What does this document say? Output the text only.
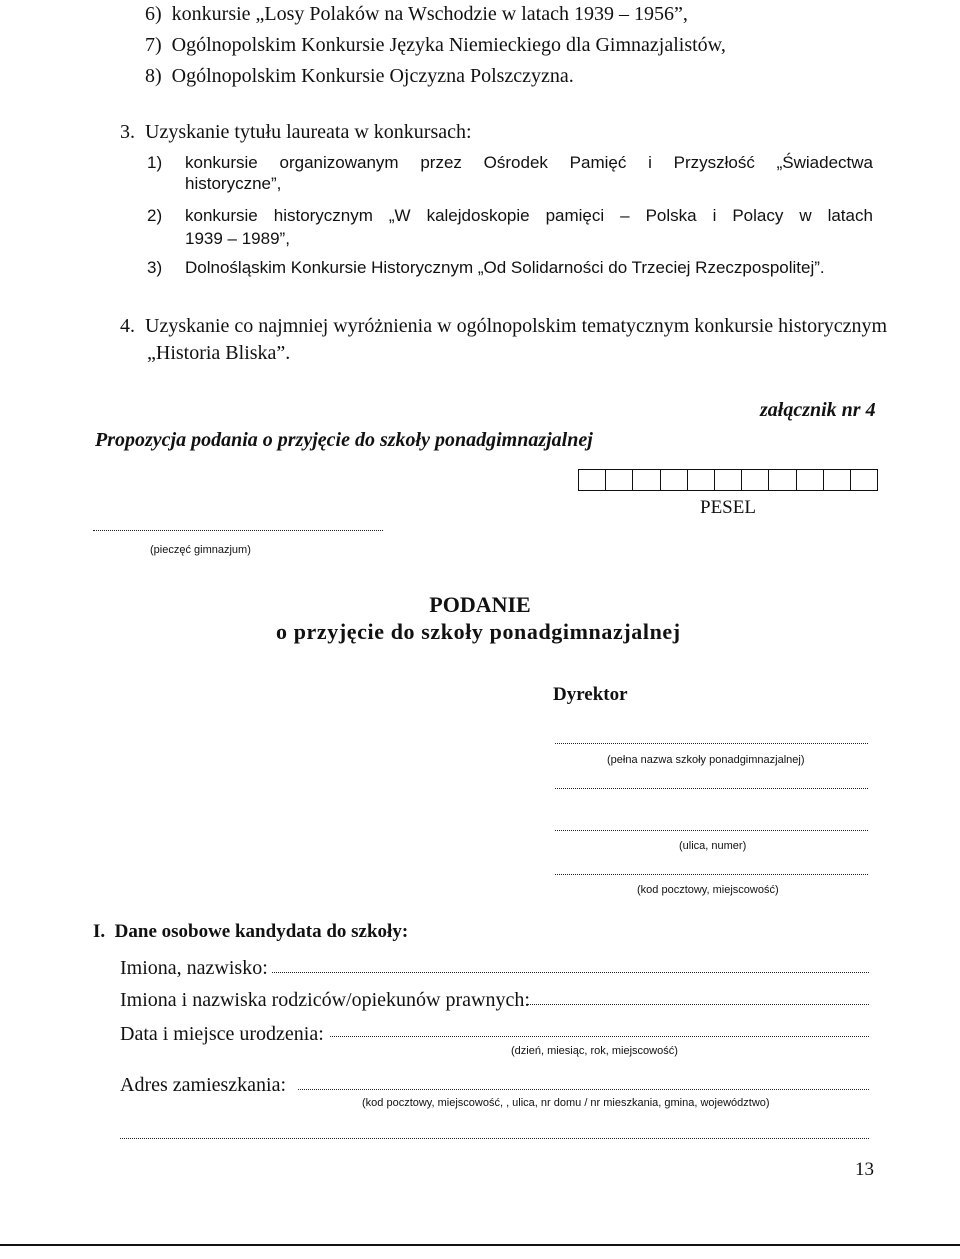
6) konkursie „Losy Polaków na Wschodzie w latach 1939 – 1956”,
7) Ogólnopolskim Konkursie Języka Niemieckiego dla Gimnazjalistów,
8) Ogólnopolskim Konkursie Ojczyzna Polszczyzna.
3. Uzyskanie tytułu laureata w konkursach:
1) konkursie organizowanym przez Ośrodek Pamięć i Przyszłość „Świadectwa
historyczne”,
2) konkursie historycznym „W kalejdoskopie pamięci – Polska i Polacy w latach
1939 – 1989”,
3) Dolnośląskim Konkursie Historycznym „Od Solidarności do Trzeciej Rzeczpospolitej”.
4. Uzyskanie co najmniej wyróżnienia w ogólnopolskim tematycznym konkursie historycznym
„Historia Bliska”.
załącznik nr 4
Propozycja podania o przyjęcie do szkoły ponadgimnazjalnej
PESEL
(pieczęć gimnazjum)
PODANIE
o przyjęcie do szkoły ponadgimnazjalnej
Dyrektor
(pełna nazwa szkoły ponadgimnazjalnej)
(ulica, numer)
(kod pocztowy, miejscowość)
I. Dane osobowe kandydata do szkoły:
Imiona, nazwisko:
Imiona i nazwiska rodziców/opiekunów prawnych:
Data i miejsce urodzenia:
(dzień, miesiąc, rok, miejscowość)
Adres zamieszkania:
(kod pocztowy, miejscowość, , ulica, nr domu / nr mieszkania, gmina, województwo)
13
